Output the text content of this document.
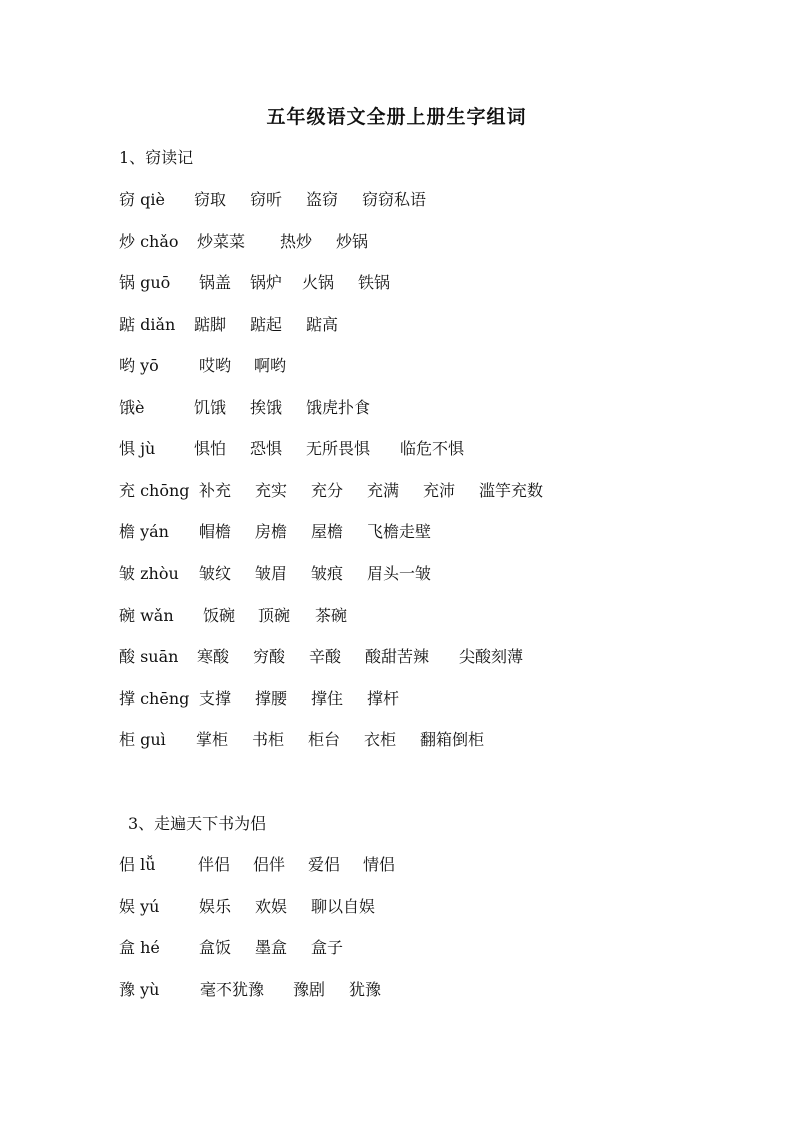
五年级语文全册上册生字组词
1、窃读记
窃 qiè 窃取 窃听 盗窃 窃窃私语
炒 chǎo 炒菜菜 热炒 炒锅
锅 guō 锅盖 锅炉 火锅 铁锅
踮 diǎn 踮脚 踮起 踮高
哟 yō	哎哟 啊哟
饿è	饥饿 挨饿 饿虎扑食
惧 jù 惧怕 恐惧 无所畏惧 临危不惧
充 chōng 补充 充实 充分 充满 充沛 滥竽充数
檐 yán 帽檐 房檐 屋檐 飞檐走壁
皱 zhòu 皱纹 皱眉 皱痕 眉头一皱
碗 wǎn 饭碗 顶碗 茶碗
酸 suān 寒酸 穷酸 辛酸 酸甜苦辣 尖酸刻薄
撑 chēng 支撑 撑腰 撑住 撑杆
柜 guì 掌柜 书柜 柜台 衣柜 翻箱倒柜
3、走遍天下书为侣
侣 lǚ	伴侣 侣伴 爱侣 情侣
娱 yú 娱乐 欢娱 聊以自娱
盒 hé 盒饭 墨盒 盒子
豫 yù	毫不犹豫 豫剧 犹豫
